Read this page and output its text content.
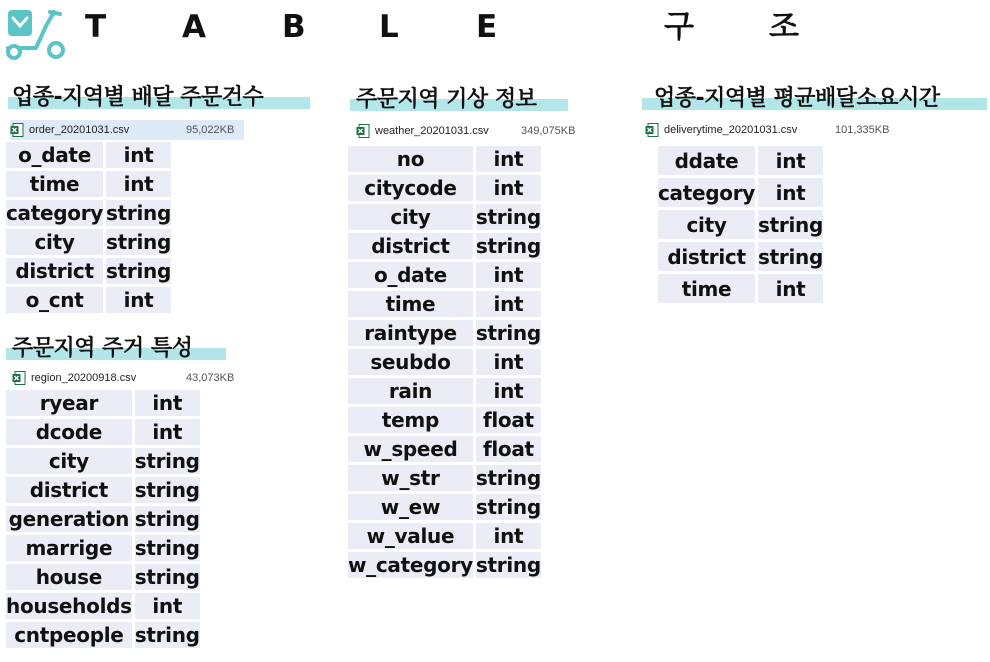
T A B L E	구 조
업종-지역별 배달 주문건수
order_20201031.csv	95,022KB
o_date	int
time	int
category	string
city	string
district	string
o_cnt	int
주문지역 주거 특성
region_20200918.csv	43,073KB
ryear	int
dcode	int
city	string
district	string
generation	string
marrige	string
house	string
households	int
cntpeople	string
주문지역 기상 정보
weather_20201031.csv	349,075KB
no	int
citycode	int
city	string
district	string
o_date	int
time	int
raintype	string
seubdo	int
rain	int
temp	float
w_speed	float
w_str	string
w_ew	string
w_value	int
w_category	string
업종-지역별 평균배달소요시간
deliverytime_20201031.csv	101,335KB
ddate	int
category	int
city	string
district	string
time	int
